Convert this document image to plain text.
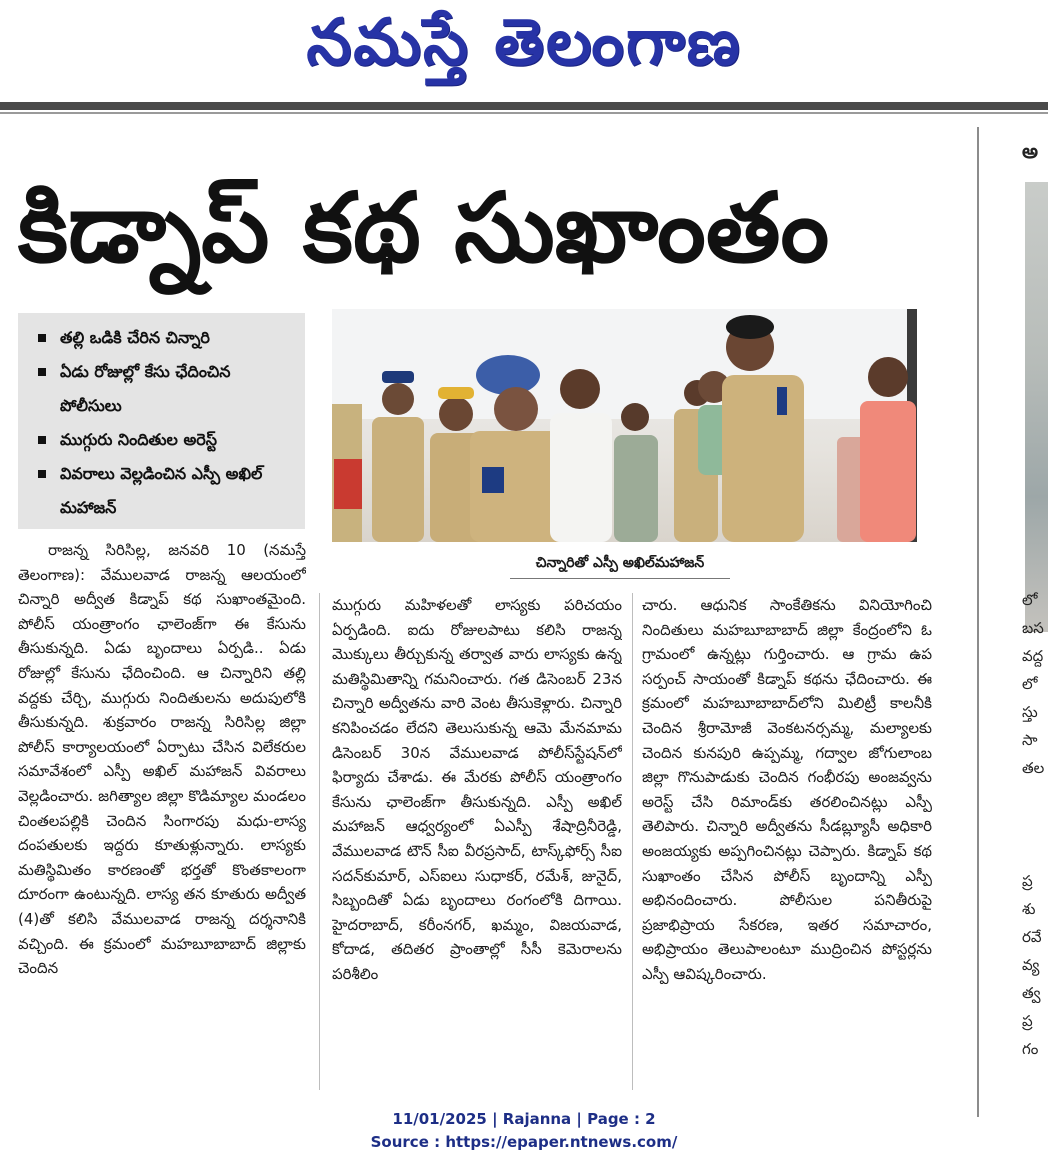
నమస్తే తెలంగాణ
కిడ్నాప్ కథ సుఖాంతం
తల్లి ఒడికి చేరిన చిన్నారి
ఏడు రోజుల్లో కేసు ఛేదించిన పోలీసులు
ముగ్గురు నిందితుల అరెస్ట్
వివరాలు వెల్లడించిన ఎస్పీ అఖిల్ మహాజన్
చిన్నారితో ఎస్పీ అఖిల్‌మహాజన్
రాజన్న సిరిసిల్ల, జనవరి 10 (నమస్తే తెలంగాణ): వేములవాడ రాజన్న ఆలయంలో చిన్నారి అద్వీత కిడ్నాప్ కథ సుఖాంతమైంది. పోలీస్ యంత్రాంగం ఛాలెంజ్‌గా ఈ కేసును తీసుకున్నది. ఏడు బృందాలు ఏర్పడి.. ఏడు రోజుల్లో కేసును ఛేదించింది. ఆ చిన్నారిని తల్లి వద్దకు చేర్చి, ముగ్గురు నిందితులను అదుపులోకి తీసుకున్నది. శుక్రవారం రాజన్న సిరిసిల్ల జిల్లా పోలీస్ కార్యాలయంలో ఏర్పాటు చేసిన విలేకరుల సమావేశంలో ఎస్పీ అఖిల్ మహాజన్ వివరాలు వెల్లడించారు. జగిత్యాల జిల్లా కొడిమ్యాల మండలం చింతలపల్లికి చెందిన సింగారపు మధు-లాస్య దంపతులకు ఇద్దరు కూతుళ్లున్నారు. లాస్యకు మతిస్థిమితం కారణంతో భర్తతో కొంతకాలంగా దూరంగా ఉంటున్నది. లాస్య తన కూతురు అద్వీత (4)తో కలిసి వేములవాడ రాజన్న దర్శనానికి వచ్చింది. ఈ క్రమంలో మహబూబాబాద్ జిల్లాకు చెందిన
ముగ్గురు మహిళలతో లాస్యకు పరిచయం ఏర్పడింది. ఐదు రోజులపాటు కలిసి రాజన్న మొక్కులు తీర్చుకున్న తర్వాత వారు లాస్యకు ఉన్న మతిస్థిమితాన్ని గమనించారు. గత డిసెంబర్ 23న చిన్నారి అద్వీతను వారి వెంట తీసుకెళ్లారు. చిన్నారి కనిపించడం లేదని తెలుసుకున్న ఆమె మేనమామ డిసెంబర్ 30న వేములవాడ పోలీస్‌స్టేషన్‌లో ఫిర్యాదు చేశాడు. ఈ మేరకు పోలీస్ యంత్రాంగం కేసును ఛాలెంజ్‌గా తీసుకున్నది. ఎస్పీ అఖిల్ మహాజన్ ఆధ్వర్యంలో ఏఎస్పీ శేషాద్రినీరెడ్డి, వేములవాడ టౌన్ సీఐ వీరప్రసాద్, టాస్క్‌ఫోర్స్ సీఐ సదన్‌కుమార్, ఎస్ఐలు సుధాకర్, రమేశ్, జునైద్, సిబ్బందితో ఏడు బృందాలు రంగంలోకి దిగాయి. హైదరాబాద్, కరీంనగర్, ఖమ్మం, విజయవాడ, కోదాడ, తదితర ప్రాంతాల్లో సీసీ కెమెరాలను పరిశీలిం
చారు. ఆధునిక సాంకేతికను వినియోగించి నిందితులు మహబూబాబాద్ జిల్లా కేంద్రంలోని ఓ గ్రామంలో ఉన్నట్లు గుర్తించారు. ఆ గ్రామ ఉప సర్పంచ్ సాయంతో కిడ్నాప్ కథను ఛేదించారు. ఈ క్రమంలో మహబూబాబాద్‌లోని మిలిట్రీ కాలనీకి చెందిన శ్రీరామోజీ వెంకటనర్సమ్మ, మల్యాలకు చెందిన కునపురి ఉప్పమ్మ, గద్వాల జోగులాంబ జిల్లా గొనుపాడుకు చెందిన గంభీరపు అంజవ్వను అరెస్ట్ చేసి రిమాండ్‌కు తరలించినట్లు ఎస్పీ తెలిపారు. చిన్నారి అద్వీతను సీడబ్ల్యూసీ అధికారి అంజయ్యకు అప్పగించినట్లు చెప్పారు. కిడ్నాప్ కథ సుఖాంతం చేసిన పోలీస్ బృందాన్ని ఎస్పీ అభినందించారు. పోలీసుల పనితీరుపై ప్రజాభిప్రాయ సేకరణ, ఇతర సమాచారం, అభిప్రాయం తెలుపాలంటూ ముద్రించిన పోస్టర్లను ఎస్పీ ఆవిష్కరించారు.
అ
లో
బస
వద్ద
లో
స్తు
సా
తల
ప్ర
శు
రవే
వ్య
త్వ
ప్ర
గం
11/01/2025 | Rajanna | Page : 2
Source : https://epaper.ntnews.com/
